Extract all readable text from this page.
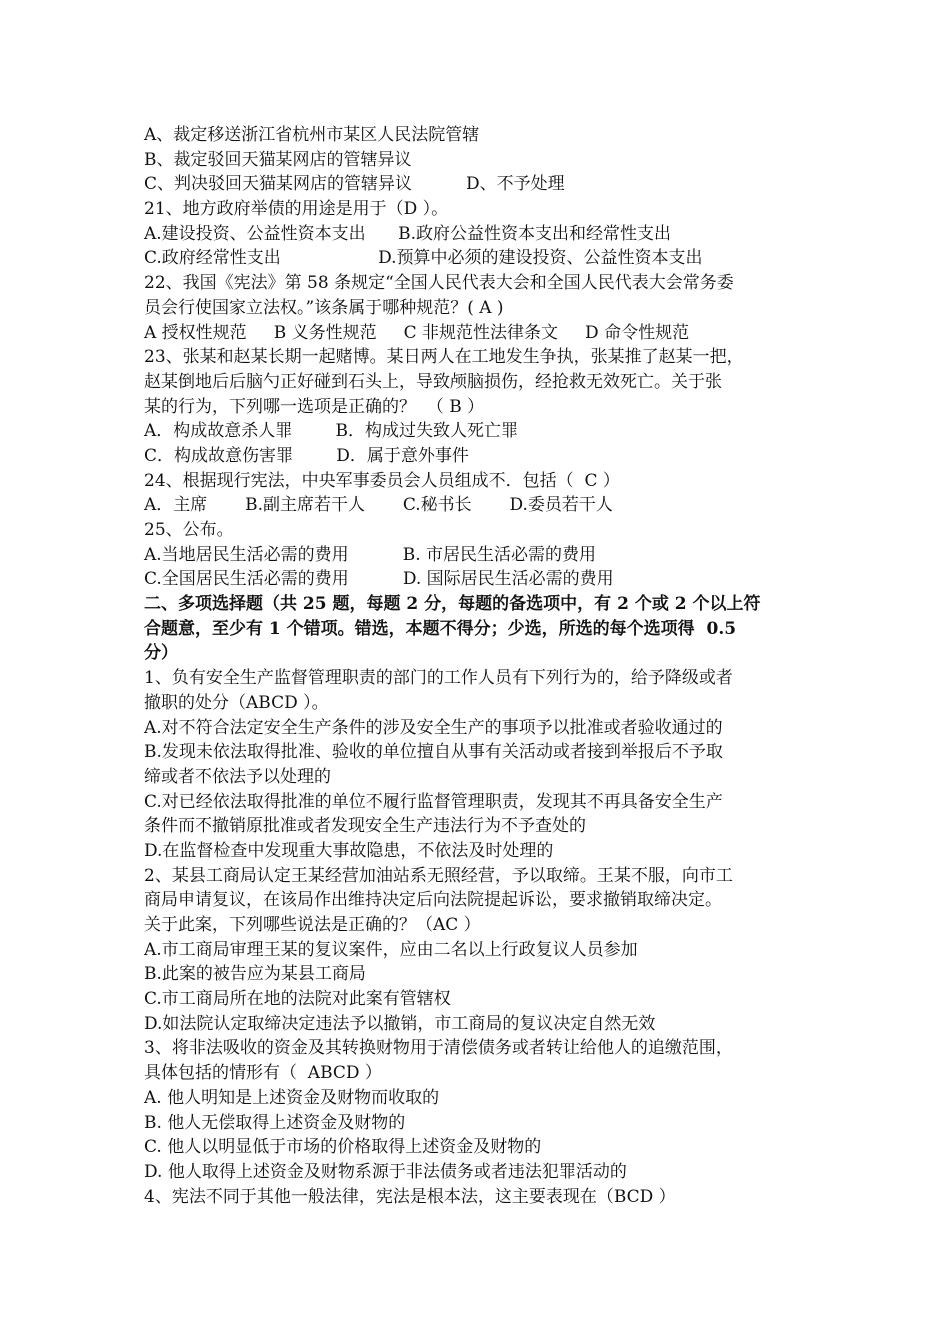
A、裁定移送浙江省杭州市某区人民法院管辖
B、裁定驳回天猫某网店的管辖异议
C、判决驳回天猫某网店的管辖异议          D、不予处理
21、地方政府举债的用途是用于（D ）。
A.建设投资、公益性资本支出      B.政府公益性资本支出和经常性支出
C.政府经常性支出                  D.预算中必须的建设投资、公益性资本支出
22、我国《宪法》第 58 条规定“全国人民代表大会和全国人民代表大会常务委
员会行使国家立法权。”该条属于哪种规范？( A )
A 授权性规范     B 义务性规范     C 非规范性法律条文     D 命令性规范
23、张某和赵某长期一起赌博。某日两人在工地发生争执，张某推了赵某一把，
赵某倒地后后脑勺正好碰到石头上，导致颅脑损伤，经抢救无效死亡。关于张
某的行为，下列哪一选项是正确的？  （ B ）
A．构成故意杀人罪        B．构成过失致人死亡罪
C．构成故意伤害罪        D．属于意外事件
24、根据现行宪法，中央军事委员会人员组成不．包括（  C ）
A．主席       B.副主席若干人       C.秘书长       D.委员若干人
25、公布。
A.当地居民生活必需的费用          B. 市居民生活必需的费用
C.全国居民生活必需的费用          D. 国际居民生活必需的费用
二、多项选择题（共 25 题，每题 2 分，每题的备选项中，有 2 个或 2 个以上符
合题意，至少有 1 个错项。错选，本题不得分；少选，所选的每个选项得  0.5
分）
1、负有安全生产监督管理职责的部门的工作人员有下列行为的，给予降级或者
撤职的处分（ABCD ）。
A.对不符合法定安全生产条件的涉及安全生产的事项予以批准或者验收通过的
B.发现未依法取得批准、验收的单位擅自从事有关活动或者接到举报后不予取
缔或者不依法予以处理的
C.对已经依法取得批准的单位不履行监督管理职责，发现其不再具备安全生产
条件而不撤销原批准或者发现安全生产违法行为不予查处的
D.在监督检查中发现重大事故隐患，不依法及时处理的
2、某县工商局认定王某经营加油站系无照经营，予以取缔。王某不服，向市工
商局申请复议，在该局作出维持决定后向法院提起诉讼，要求撤销取缔决定。
关于此案，下列哪些说法是正确的？（AC ）
A.市工商局审理王某的复议案件，应由二名以上行政复议人员参加
B.此案的被告应为某县工商局
C.市工商局所在地的法院对此案有管辖权
D.如法院认定取缔决定违法予以撤销，市工商局的复议决定自然无效
3、将非法吸收的资金及其转换财物用于清偿债务或者转让给他人的追缴范围，
具体包括的情形有（  ABCD ）
A. 他人明知是上述资金及财物而收取的
B. 他人无偿取得上述资金及财物的
C. 他人以明显低于市场的价格取得上述资金及财物的
D. 他人取得上述资金及财物系源于非法债务或者违法犯罪活动的
4、宪法不同于其他一般法律，宪法是根本法，这主要表现在（BCD ）
